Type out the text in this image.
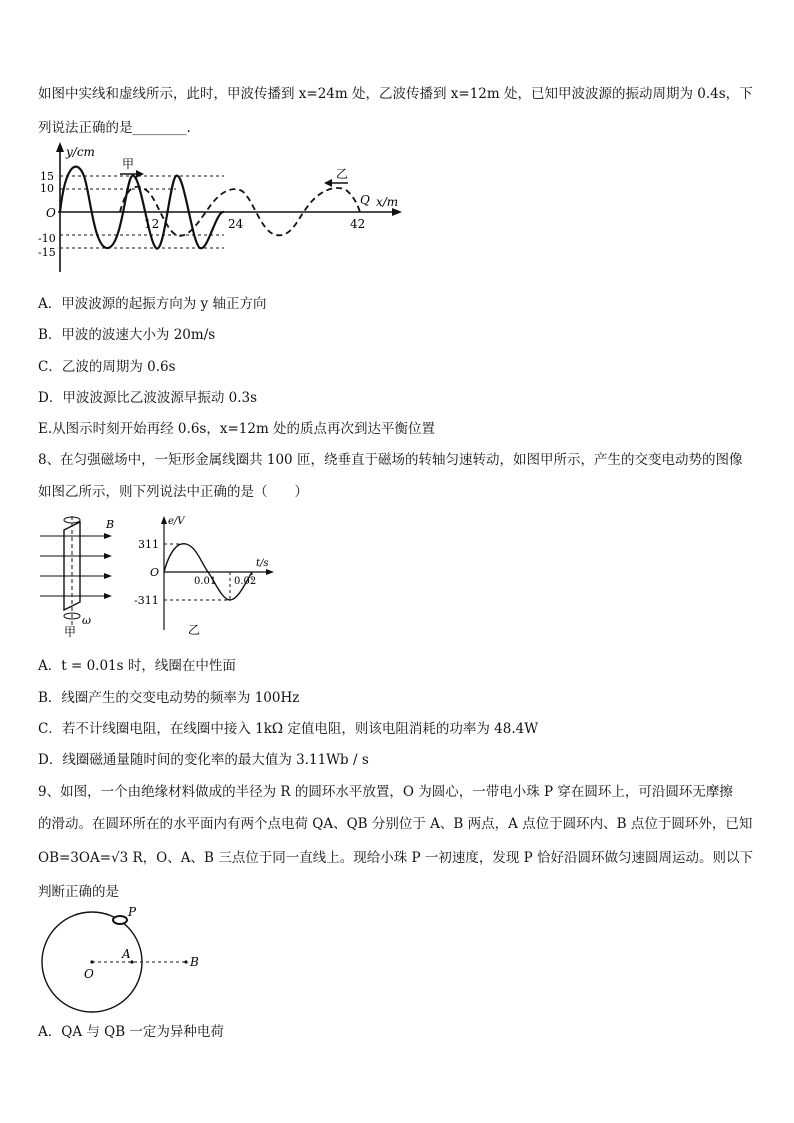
如图中实线和虚线所示，此时，甲波传播到 x=24m 处，乙波传播到 x=12m 处，已知甲波波源的振动周期为 0.4s，下
列说法正确的是________.
y/cm
x/m
15
10
-10
-15
O
甲
乙
12	24	42
Q
A．甲波波源的起振方向为 y 轴正方向
B．甲波的波速大小为 20m/s
C．乙波的周期为 0.6s
D．甲波波源比乙波波源早振动 0.3s
E.从图示时刻开始再经 0.6s，x=12m 处的质点再次到达平衡位置
8、在匀强磁场中，一矩形金属线圈共 100 匝，绕垂直于磁场的转轴匀速转动，如图甲所示，产生的交变电动势的图像
如图乙所示，则下列说法中正确的是（　　）
B
ω
甲
e/V
t/s
311
-311
O
0.01 0.02
乙
A．t = 0.01s 时，线圈在中性面
B．线圈产生的交变电动势的频率为 100Hz
C．若不计线圈电阻，在线圈中接入 1kΩ 定值电阻，则该电阻消耗的功率为 48.4W
D．线圈磁通量随时间的变化率的最大值为 3.11Wb / s
9、如图，一个由绝缘材料做成的半径为 R 的圆环水平放置，O 为圆心，一带电小珠 P 穿在圆环上，可沿圆环无摩擦
的滑动。在圆环所在的水平面内有两个点电荷 QA、QB 分别位于 A、B 两点，A 点位于圆环内、B 点位于圆环外，已知
OB=3OA=√3 R，O、A、B 三点位于同一直线上。现给小珠 P 一初速度，发现 P 恰好沿圆环做匀速圆周运动。则以下
判断正确的是
P
O
A
B
A．QA 与 QB 一定为异种电荷
